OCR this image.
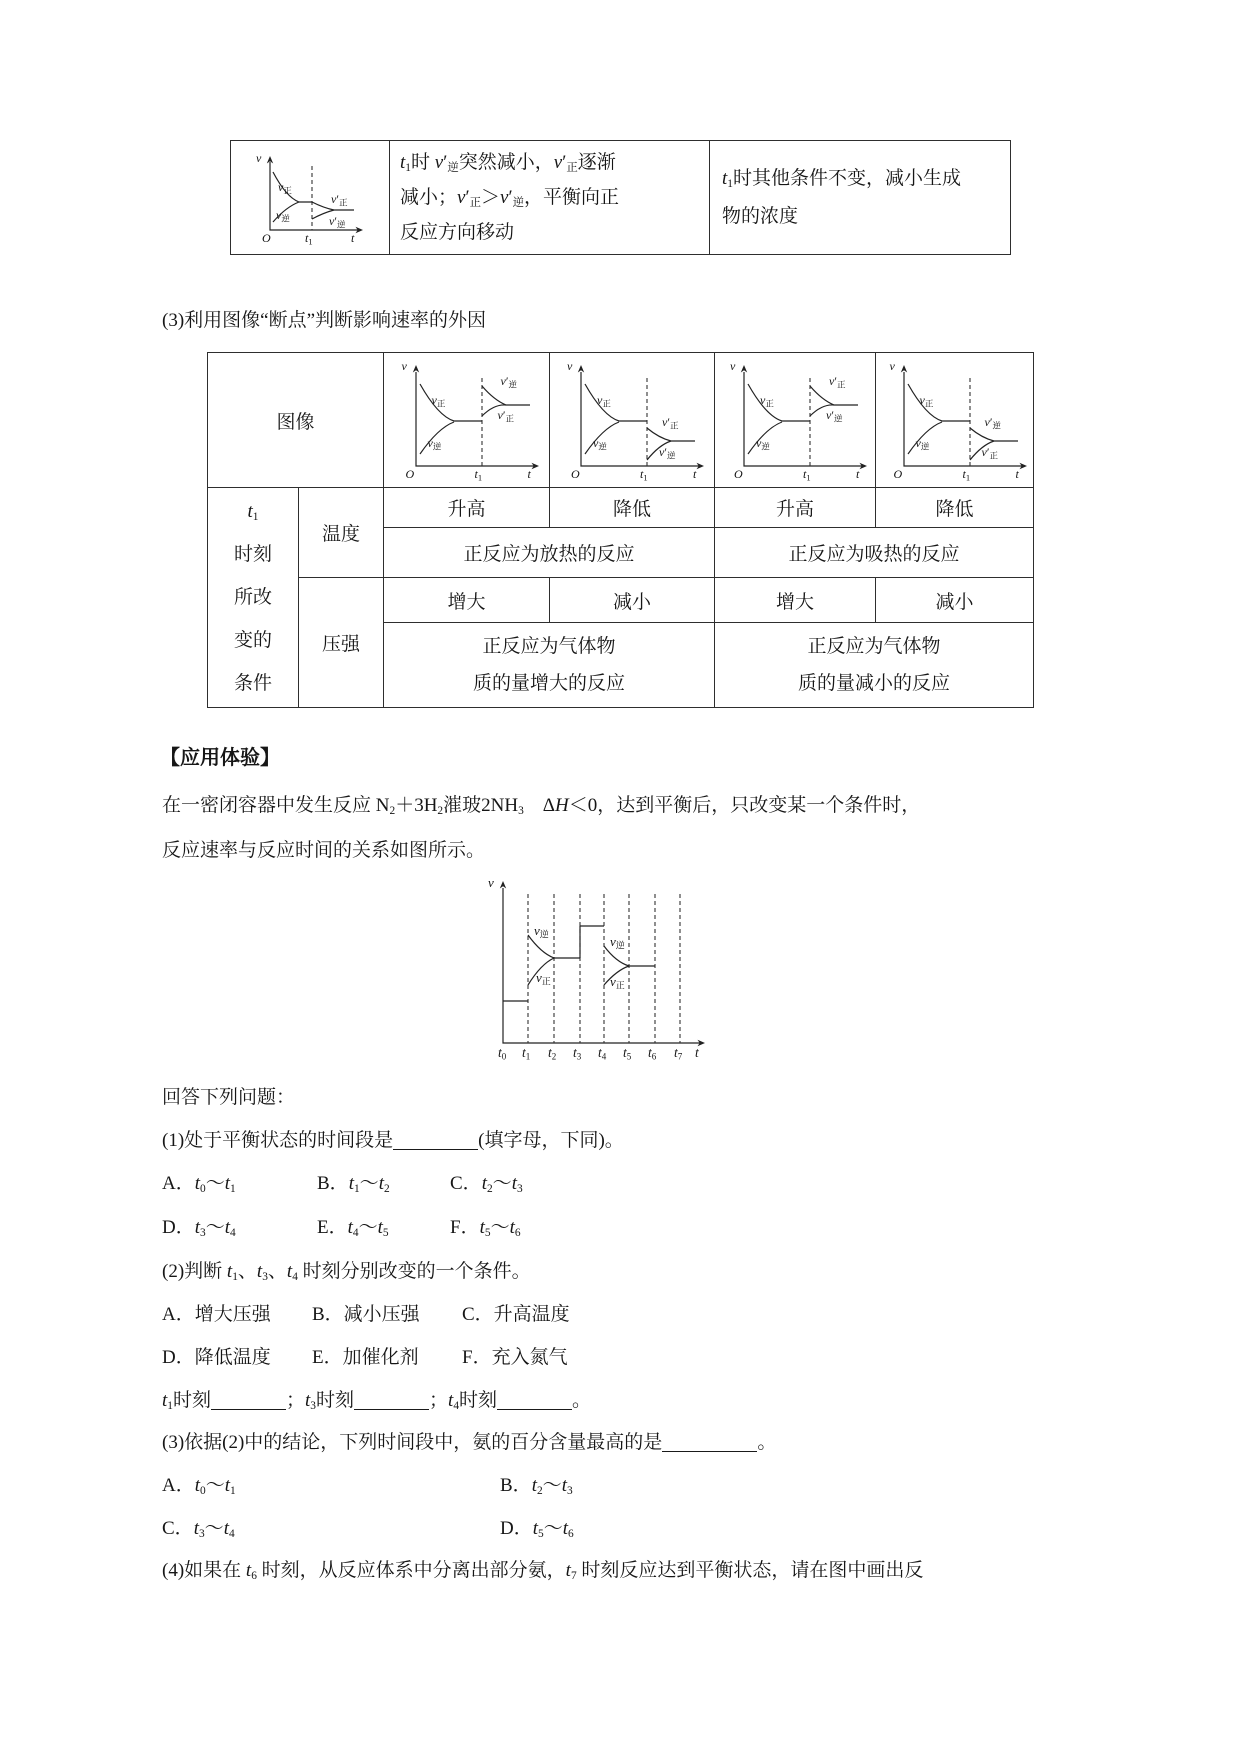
v
O	$t_1$	t
$v_正$
$v_逆$
$v'_正$
$v'_逆$

$t_1$时 $v'_逆$突然减小，$v'_正$逐渐
减小；$v'_正>v'_逆$，平衡向正
反应方向移动

$t_1$时其他条件不变，减小生成
物的浓度
(3)利用图像“断点”判断影响速率的外因
图像	
v
O	$t_1$	t
$v_正$
$v_逆$
$v'_逆$
$v'_正$

v
O	$t_1$	t
$v_正$
$v_逆$
$v'_正$
$v'_逆$

v
O	$t_1$	t
$v_正$
$v_逆$
$v'_正$
$v'_逆$

v
O	$t_1$	t
$v_正$
$v_逆$
$v'_逆$
$v'_正$

$t_1$
时刻
所改
变的
条件	温度	升高	降低	升高	降低
		正反应为放热的反应		正反应为吸热的反应	
	压强	增大	减小	增大	减小

正反应为气体物
质的量增大的反应

正反应为气体物
质的量减小的反应
【应用体验】
在一密闭容器中发生反应 $N_2+3H_2$漼玻$2NH_3$　ΔH＜0，达到平衡后，只改变某一个条件时，
反应速率与反应时间的关系如图所示。
v
$v_逆$
$v_正$
$v_逆$
$v_正$
$t_0$ $t_1$ $t_2$ $t_3$ $t_4$ $t_5$ $t_6$ $t_7$ t
回答下列问题：
(1)处于平衡状态的时间段是	(填字母，下同)。
A．$t_0\sim t_1$	B．$t_1\sim t_2$	C．$t_2\sim t_3$
D．$t_3\sim t_4$	E．$t_4\sim t_5$	F．$t_5\sim t_6$
(2)判断 $t_1$、$t_3$、$t_4$ 时刻分别改变的一个条件。
A．增大压强 B．减小压强 C．升高温度
D．降低温度 E．加催化剂 F．充入氮气
$t_1$时刻	；$t_3$时刻	；$t_4$时刻	。
(3)依据(2)中的结论，下列时间段中，氨的百分含量最高的是	。
A．$t_0\sim t_1$	B．$t_2\sim t_3$
C．$t_3\sim t_4$	D．$t_5\sim t_6$
(4)如果在 $t_6$ 时刻，从反应体系中分离出部分氨，$t_7$ 时刻反应达到平衡状态，请在图中画出反
